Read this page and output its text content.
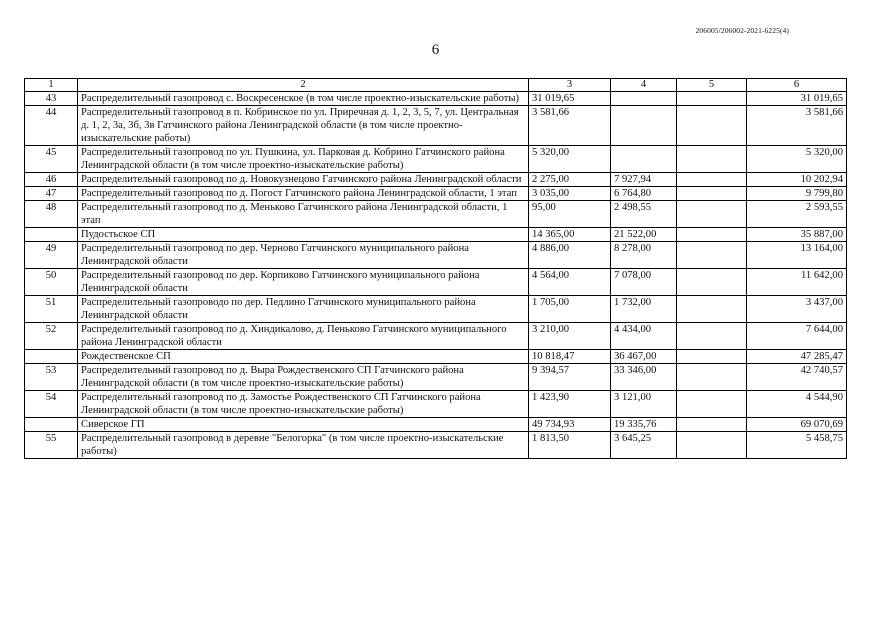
206005/206002-2021-6225(4)
6
1	2	3	4	5	6
43	Распределительный газопровод с. Воскресенское (в том числе проектно-изыскательские работы)	31 019,65			31 019,65
44	Распределительный газопровод в п. Кобринское по ул. Приречная д. 1, 2, 3, 5, 7, ул. Центральная д. 1, 2, 3а, 3б, 3в Гатчинского района Ленинградской области (в том числе проектно-изыскательские работы)	3 581,66			3 581,66
45	Распределительный газопровод по ул. Пушкина, ул. Парковая д. Кобрино Гатчинского района Ленинградской области (в том числе проектно-изыскательские работы)	5 320,00			5 320,00
46	Распределительный газопровод по д. Новокузнецово Гатчинского района Ленинградской области	2 275,00	7 927,94		10 202,94
47	Распределительный газопровод по д. Погост Гатчинского района Ленинградской области, 1 этап	3 035,00	6 764,80		9 799,80
48	Распределительный газопровод по д. Меньково Гатчинского района Ленинградской области, 1 этап	95,00	2 498,55		2 593,55
	Пудостьское СП	14 365,00	21 522,00		35 887,00
49	Распределительный газопровод по дер. Черново Гатчинского муниципального района Ленинградской области	4 886,00	8 278,00		13 164,00
50	Распределительный газопровод по дер. Корпиково Гатчинского муниципального района Ленинградской области	4 564,00	7 078,00		11 642,00
51	Распределительный газопроводо по дер. Педлино Гатчинского муниципального района Ленинградской области	1 705,00	1 732,00		3 437,00
52	Распределительный газопровод по д. Хиндикалово, д. Пеньково Гатчинского муниципального района Ленинградской области	3 210,00	4 434,00		7 644,00
	Рождественское СП	10 818,47	36 467,00		47 285,47
53	Распределительный газопровод по д. Выра Рождественского СП Гатчинского района Ленинградской области (в том числе проектно-изыскательские работы)	9 394,57	33 346,00		42 740,57
54	Распределительный газопровод по д. Замостье Рождественского СП Гатчинского района Ленинградской области (в том числе проектно-изыскательские работы)	1 423,90	3 121,00		4 544,90
	Сиверское ГП	49 734,93	19 335,76		69 070,69
55	Распределительный газопровод в деревне "Белогорка" (в том числе проектно-изыскательские работы)	1 813,50	3 645,25		5 458,75
